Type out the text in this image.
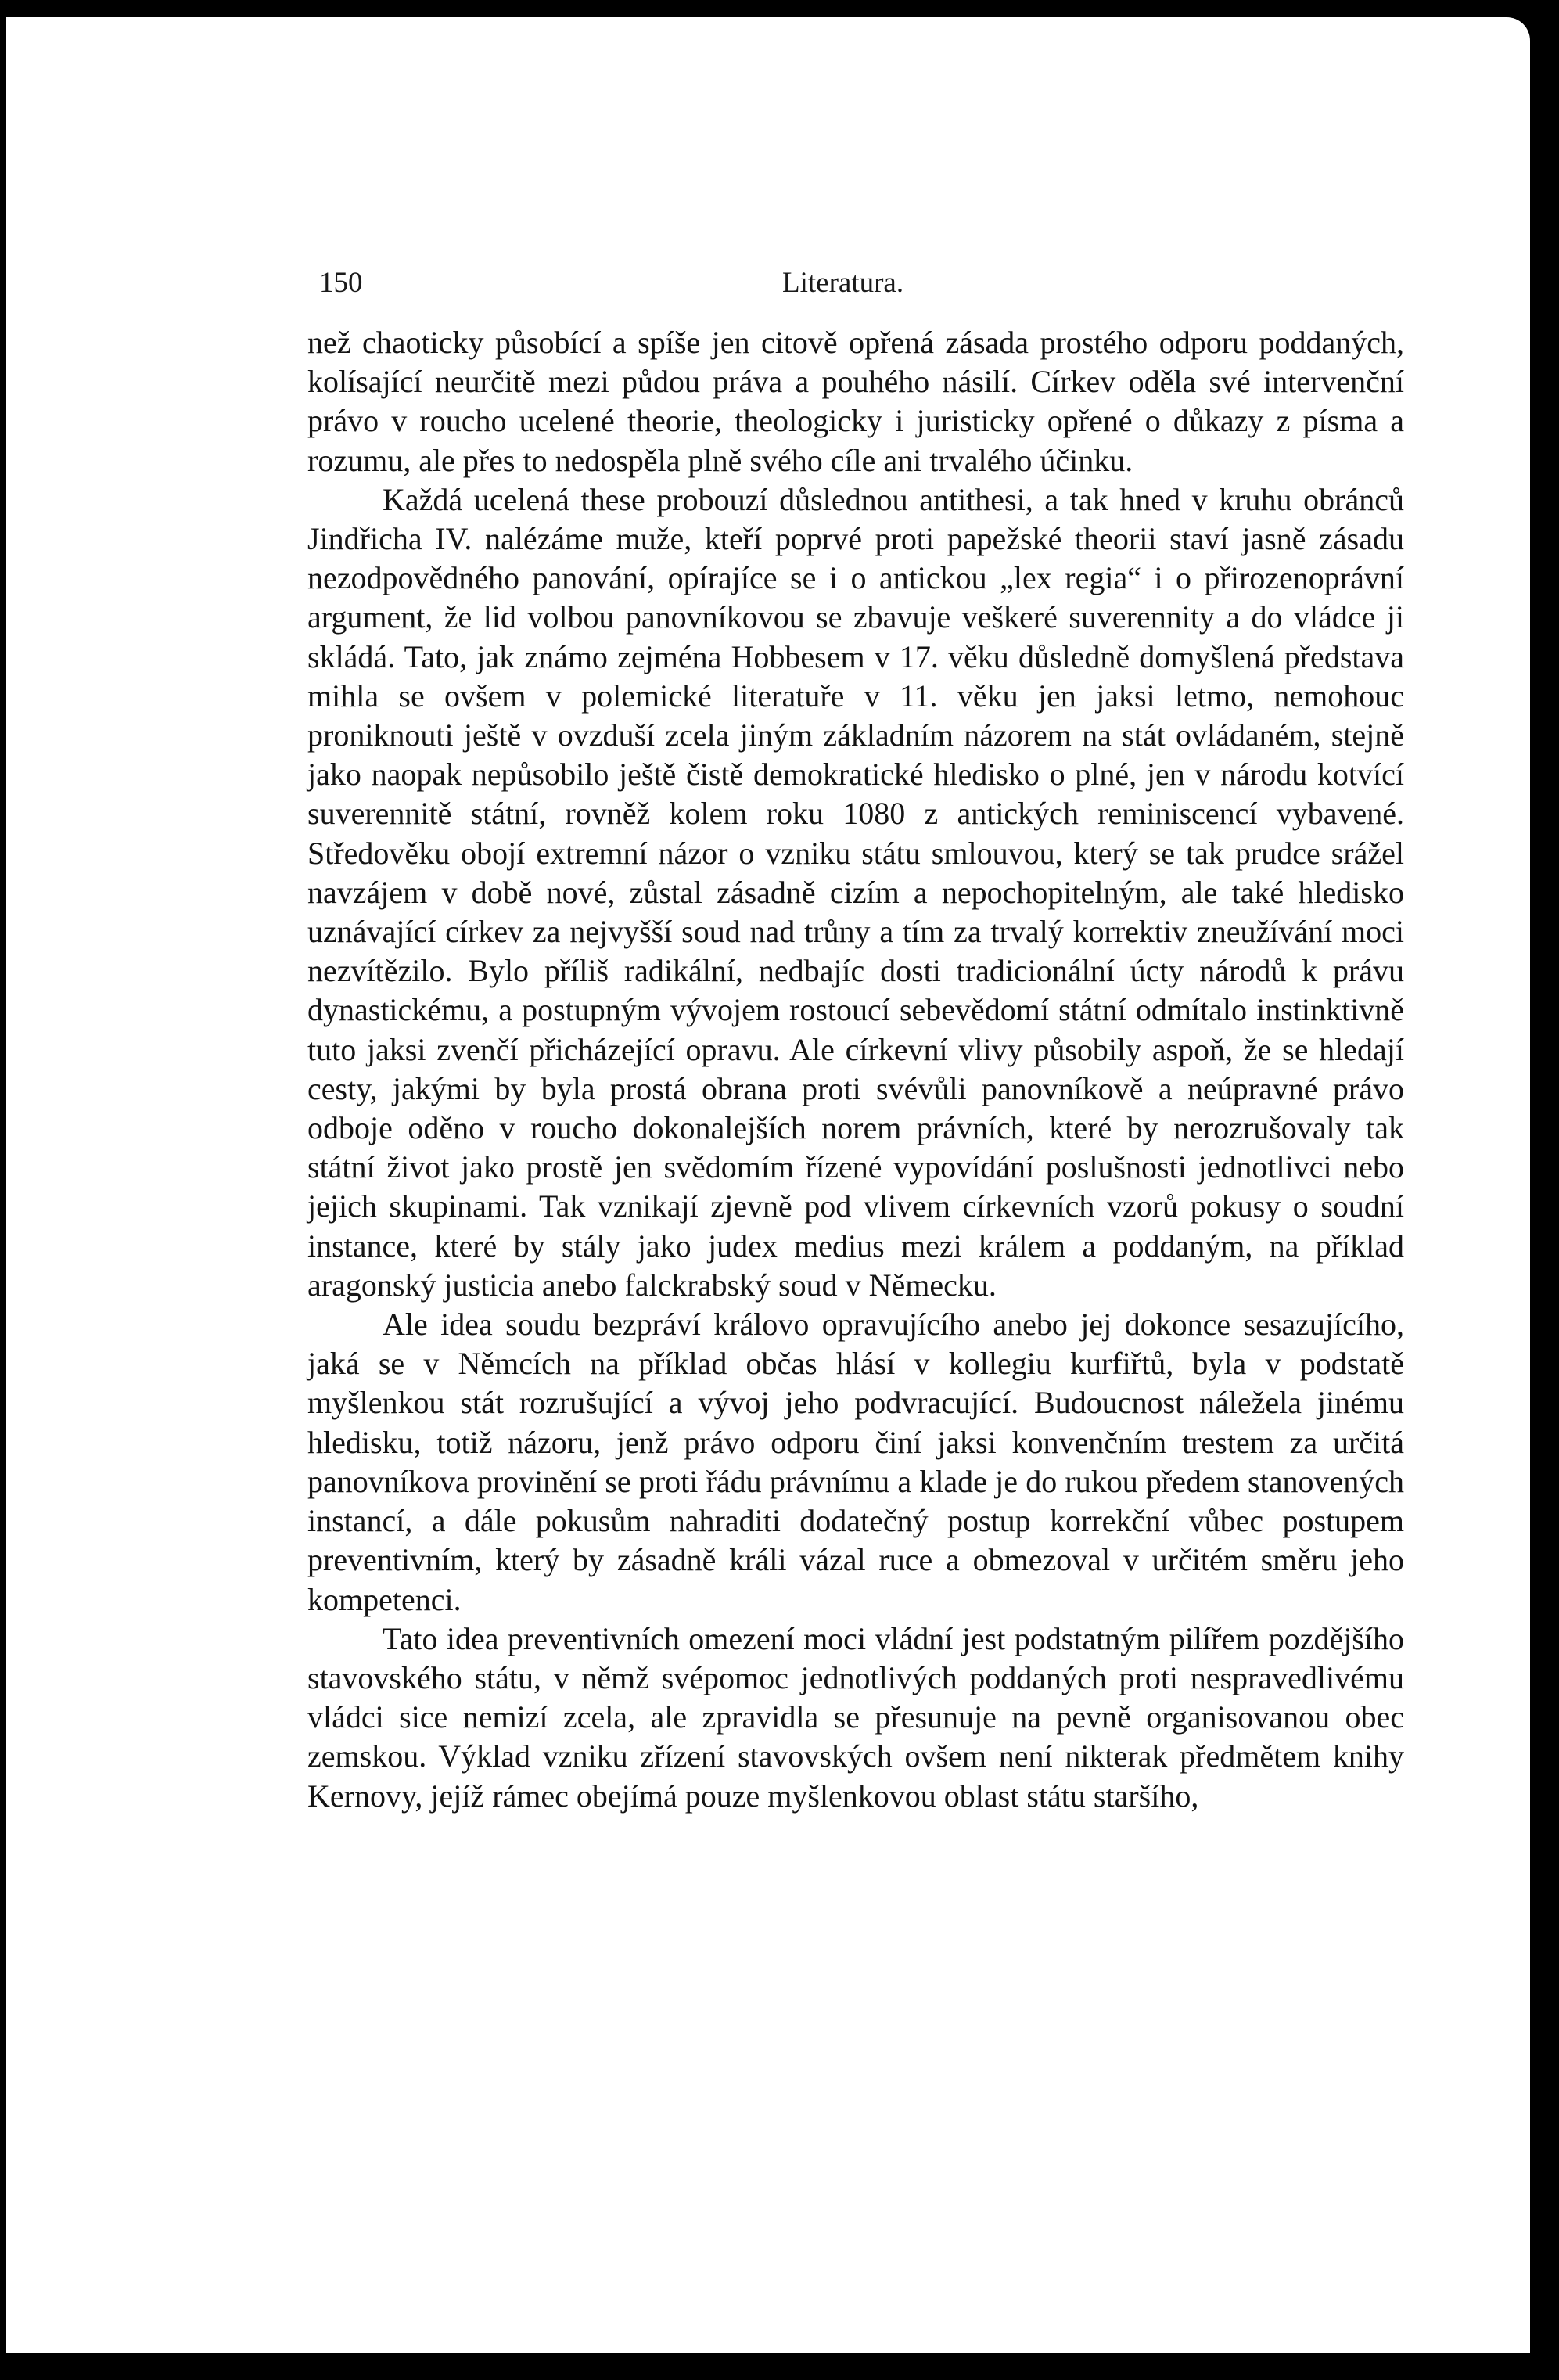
150	Literatura.

než chaoticky působící a spíše jen citově opřená zásada prostého odporu poddaných, kolísající neurčitě mezi půdou práva a pouhého násilí. Církev oděla své intervenční právo v roucho ucelené theorie, theologicky i juristicky opřené o důkazy z písma a rozumu, ale přes to nedospěla plně svého cíle ani trvalého účinku.

Každá ucelená these probouzí důslednou antithesi, a tak hned v kruhu obránců Jindřicha IV. nalézáme muže, kteří poprvé proti papežské theorii staví jasně zásadu nezodpovědného panování, opírajíce se i o antickou „lex regia“ i o přirozenoprávní argument, že lid volbou panovníkovou se zbavuje veškeré suverennity a do vládce ji skládá. Tato, jak známo zejména Hobbesem v 17. věku důsledně domyšlená představa mihla se ovšem v polemické literatuře v 11. věku jen jaksi letmo, nemohouc proniknouti ještě v ovzduší zcela jiným základním názorem na stát ovládaném, stejně jako naopak nepůsobilo ještě čistě demokratické hledisko o plné, jen v národu kotvící suverennitě státní, rovněž kolem roku 1080 z antických reminiscencí vybavené. Středověku obojí extremní názor o vzniku státu smlouvou, který se tak prudce srážel navzájem v době nové, zůstal zásadně cizím a nepochopitelným, ale také hledisko uznávající církev za nejvyšší soud nad trůny a tím za trvalý korrektiv zneužívání moci nezvítězilo. Bylo příliš radikální, nedbajíc dosti tradicionální úcty národů k právu dynastickému, a postupným vývojem rostoucí sebevědomí státní odmítalo instinktivně tuto jaksi zvenčí přicházející opravu. Ale církevní vlivy působily aspoň, že se hledají cesty, jakými by byla prostá obrana proti svévůli panovníkově a neúpravné právo odboje oděno v roucho dokonalejších norem právních, které by nerozrušovaly tak státní život jako prostě jen svědomím řízené vypovídání poslušnosti jednotlivci nebo jejich skupinami. Tak vznikají zjevně pod vlivem církevních vzorů pokusy o soudní instance, které by stály jako judex medius mezi králem a poddaným, na příklad aragonský justicia anebo falckrabský soud v Německu.

Ale idea soudu bezpráví královo opravujícího anebo jej dokonce sesazujícího, jaká se v Němcích na příklad občas hlásí v kollegiu kurfiřtů, byla v podstatě myšlenkou stát rozrušující a vývoj jeho podvracující. Budoucnost náležela jinému hledisku, totiž názoru, jenž právo odporu činí jaksi konvenčním trestem za určitá panovníkova provinění se proti řádu právnímu a klade je do rukou předem stanovených instancí, a dále pokusům nahraditi dodatečný postup korrekční vůbec postupem preventivním, který by zásadně králi vázal ruce a obmezoval v určitém směru jeho kompetenci.

Tato idea preventivních omezení moci vládní jest podstatným pilířem pozdějšího stavovského státu, v němž svépomoc jednotlivých poddaných proti nespravedlivému vládci sice nemizí zcela, ale zpravidla se přesunuje na pevně organisovanou obec zemskou. Výklad vzniku zřízení stavovských ovšem není nikterak předmětem knihy Kernovy, jejíž rámec obejímá pouze myšlenkovou oblast státu staršího,
